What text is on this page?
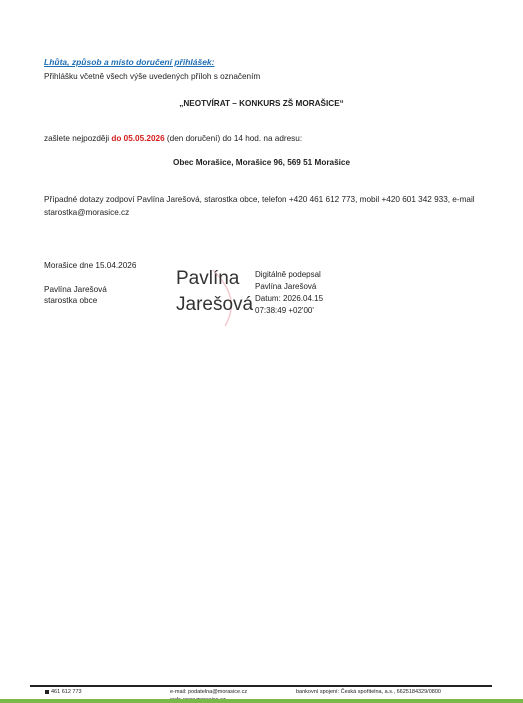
Lhůta, způsob a místo doručení přihlášek:
Přihlášku včetně všech výše uvedených příloh s označením
„NEOTVÍRAT – KONKURS ZŠ MORAŠICE“
zašlete nejpozději do 05.05.2026 (den doručení) do 14 hod. na adresu:
Obec Morašice, Morašice 96, 569 51 Morašice
Případné dotazy zodpoví Pavlína Jarešová, starostka obce, telefon +420 461 612 773, mobil +420 601 342 933, e-mail starostka@morasice.cz
Morašice dne 15.04.2026
Pavlína Jarešová
starostka obce
Pavlína
Jarešová
Digitálně podepsal
Pavlína Jarešová
Datum: 2026.04.15
07:38:49 +02'00'
461 612 773	e-mail: podatelna@morasice.cz	bankovní spojení: Česká spořitelna, a.s., 6625184329/0800
